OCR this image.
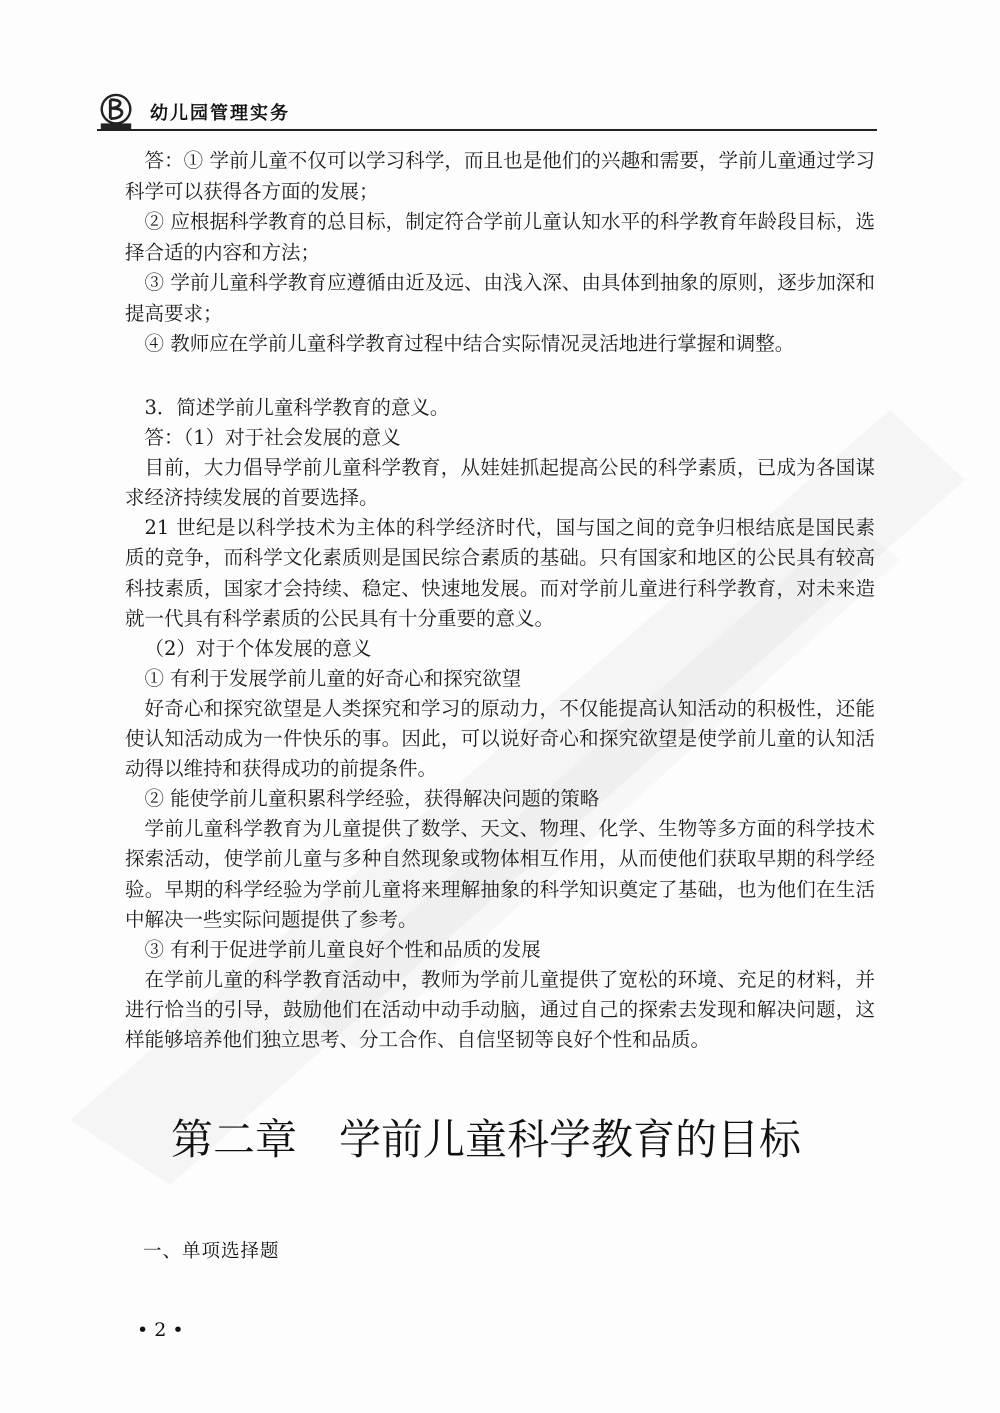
幼儿园管理实务

答：① 学前儿童不仅可以学习科学，而且也是他们的兴趣和需要，学前儿童通过学习科学可以获得各方面的发展；

② 应根据科学教育的总目标，制定符合学前儿童认知水平的科学教育年龄段目标，选择合适的内容和方法；

③ 学前儿童科学教育应遵循由近及远、由浅入深、由具体到抽象的原则，逐步加深和提高要求；

④ 教师应在学前儿童科学教育过程中结合实际情况灵活地进行掌握和调整。

3．简述学前儿童科学教育的意义。

答：（1）对于社会发展的意义

目前，大力倡导学前儿童科学教育，从娃娃抓起提高公民的科学素质，已成为各国谋求经济持续发展的首要选择。

21 世纪是以科学技术为主体的科学经济时代，国与国之间的竞争归根结底是国民素质的竞争，而科学文化素质则是国民综合素质的基础。只有国家和地区的公民具有较高科技素质，国家才会持续、稳定、快速地发展。而对学前儿童进行科学教育，对未来造就一代具有科学素质的公民具有十分重要的意义。

（2）对于个体发展的意义

① 有利于发展学前儿童的好奇心和探究欲望

好奇心和探究欲望是人类探究和学习的原动力，不仅能提高认知活动的积极性，还能使认知活动成为一件快乐的事。因此，可以说好奇心和探究欲望是使学前儿童的认知活动得以维持和获得成功的前提条件。

② 能使学前儿童积累科学经验，获得解决问题的策略

学前儿童科学教育为儿童提供了数学、天文、物理、化学、生物等多方面的科学技术探索活动，使学前儿童与多种自然现象或物体相互作用，从而使他们获取早期的科学经验。早期的科学经验为学前儿童将来理解抽象的科学知识奠定了基础，也为他们在生活中解决一些实际问题提供了参考。

③ 有利于促进学前儿童良好个性和品质的发展

在学前儿童的科学教育活动中，教师为学前儿童提供了宽松的环境、充足的材料，并进行恰当的引导，鼓励他们在活动中动手动脑，通过自己的探索去发现和解决问题，这样能够培养他们独立思考、分工合作、自信坚韧等良好个性和品质。

第二章　学前儿童科学教育的目标
一、单项选择题
• 2 •
